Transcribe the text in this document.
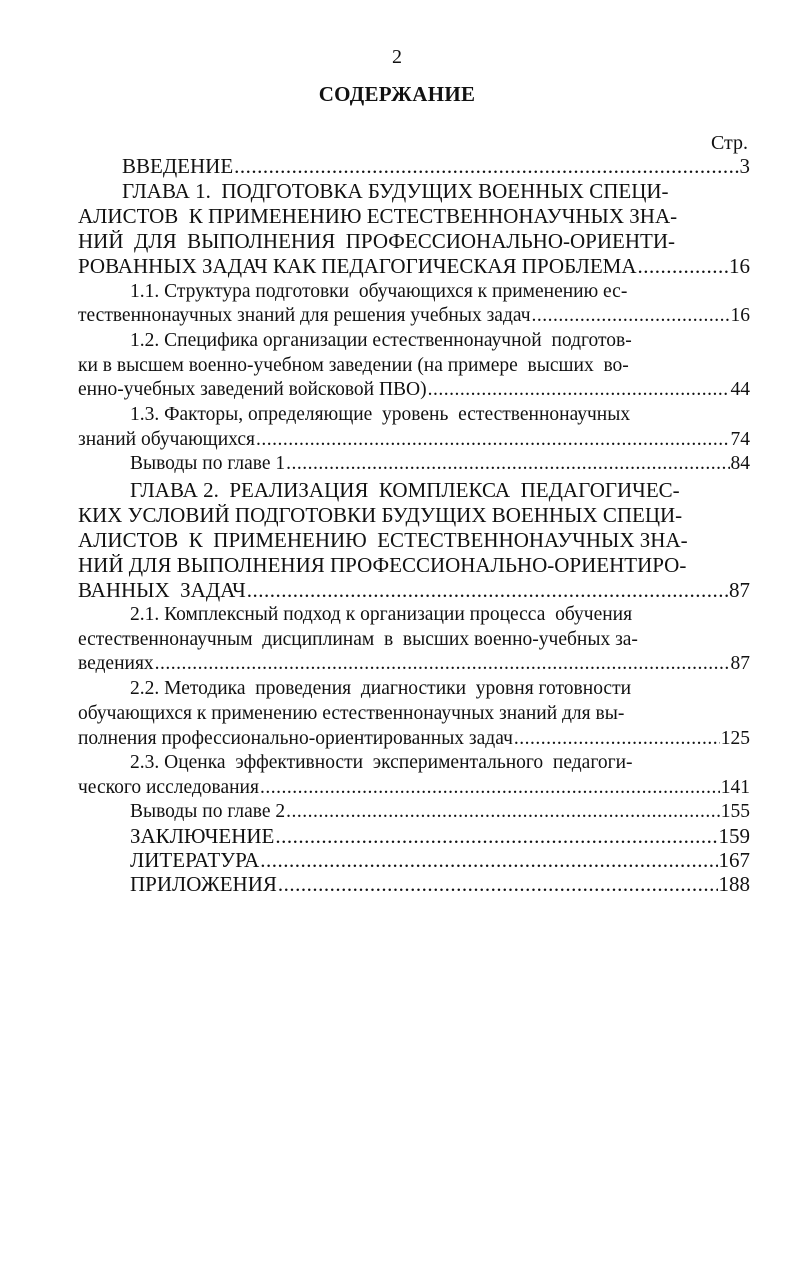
2
СОДЕРЖАНИЕ
Стр.
ВВЕДЕНИЕ .....	3
ГЛАВА 1.  ПОДГОТОВКА БУДУЩИХ ВОЕННЫХ СПЕЦИ-
АЛИСТОВ  К ПРИМЕНЕНИЮ ЕСТЕСТВЕННОНАУЧНЫХ ЗНА-
НИЙ  ДЛЯ  ВЫПОЛНЕНИЯ  ПРОФЕССИОНАЛЬНО-ОРИЕНТИ-
РОВАННЫХ ЗАДАЧ КАК ПЕДАГОГИЧЕСКАЯ ПРОБЛЕМА .....	16
1.1. Структура подготовки  обучающихся к применению ес-
тественнонаучных знаний для решения учебных задач .....	16
1.2. Специфика организации естественнонаучной  подготов-
ки в высшем военно-учебном заведении (на примере  высших  во-
енно-учебных заведений войсковой ПВО) .....	44
1.3. Факторы, определяющие  уровень  естественнонаучных
знаний обучающихся .....	74
Выводы по главе 1 .....	84
ГЛАВА 2.  РЕАЛИЗАЦИЯ  КОМПЛЕКСА  ПЕДАГОГИЧЕС-
КИХ УСЛОВИЙ ПОДГОТОВКИ БУДУЩИХ ВОЕННЫХ СПЕЦИ-
АЛИСТОВ  К  ПРИМЕНЕНИЮ  ЕСТЕСТВЕННОНАУЧНЫХ ЗНА-
НИЙ ДЛЯ ВЫПОЛНЕНИЯ ПРОФЕССИОНАЛЬНО-ОРИЕНТИРО-
ВАННЫХ  ЗАДАЧ .....	87
2.1. Комплексный подход к организации процесса  обучения
естественнонаучным  дисциплинам  в  высших военно-учебных за-
ведениях .....	87
2.2. Методика  проведения  диагностики  уровня готовности
обучающихся к применению естественнонаучных знаний для вы-
полнения профессионально-ориентированных задач .....	125
2.3. Оценка  эффективности  экспериментального  педагоги-
ческого исследования .....	141
Выводы по главе 2 .....	155
ЗАКЛЮЧЕНИЕ .....	159
ЛИТЕРАТУРА .....	167
ПРИЛОЖЕНИЯ .....	188
